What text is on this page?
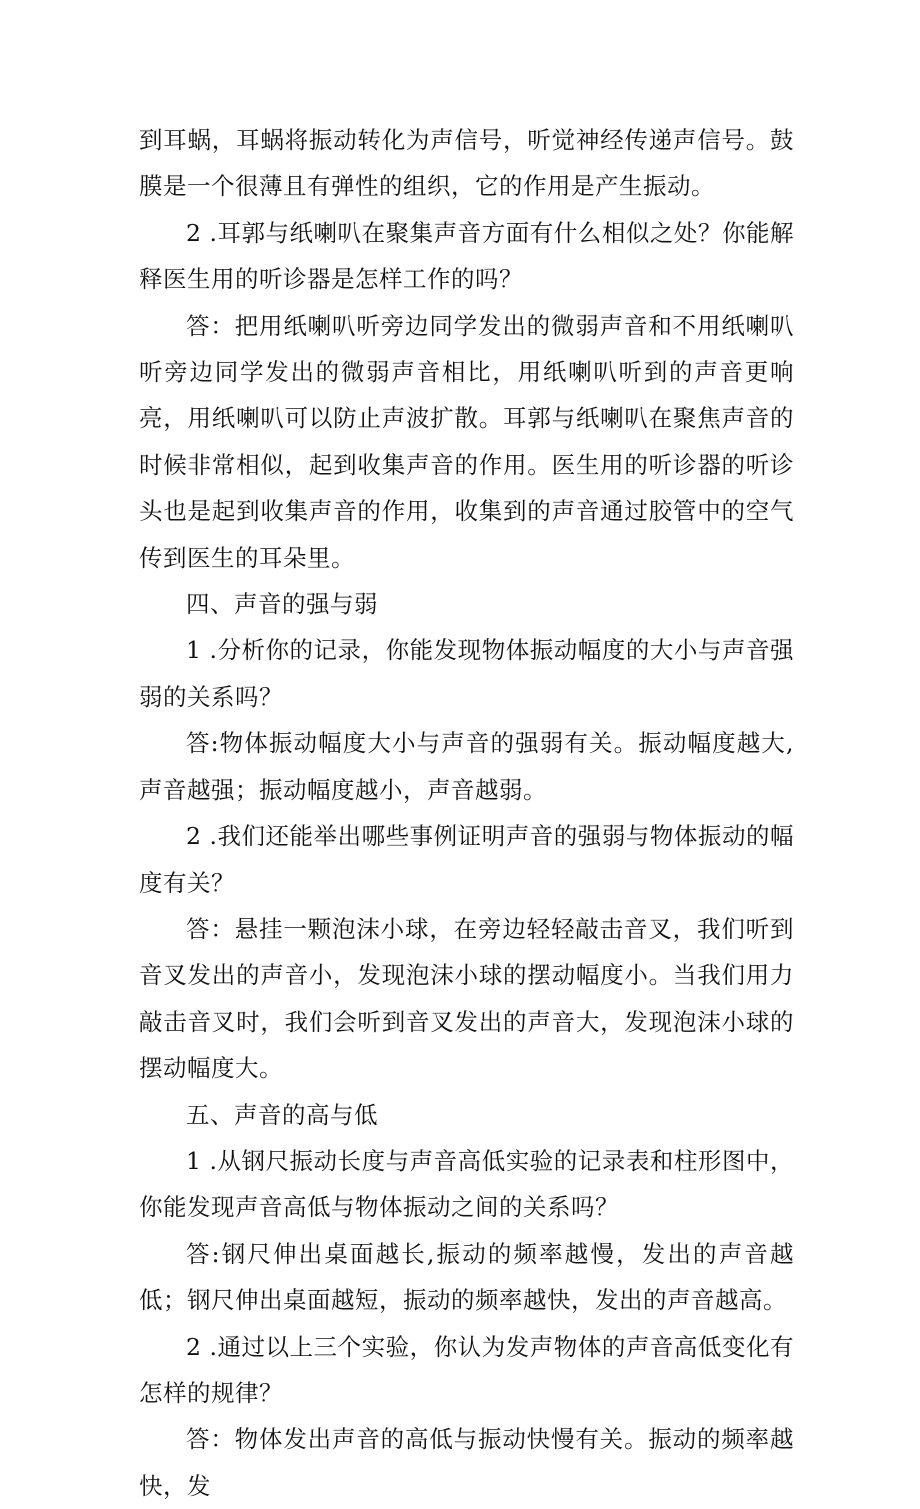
到耳蜗，耳蜗将振动转化为声信号，听觉神经传递声信号。鼓膜是一个很薄且有弹性的组织，它的作用是产生振动。

2 .耳郭与纸喇叭在聚集声音方面有什么相似之处？你能解释医生用的听诊器是怎样工作的吗？

答：把用纸喇叭听旁边同学发出的微弱声音和不用纸喇叭听旁边同学发出的微弱声音相比，用纸喇叭听到的声音更响亮，用纸喇叭可以防止声波扩散。耳郭与纸喇叭在聚焦声音的时候非常相似，起到收集声音的作用。医生用的听诊器的听诊头也是起到收集声音的作用，收集到的声音通过胶管中的空气传到医生的耳朵里。

四、声音的强与弱

1 .分析你的记录，你能发现物体振动幅度的大小与声音强弱的关系吗？

答:物体振动幅度大小与声音的强弱有关。振动幅度越大,声音越强；振动幅度越小，声音越弱。

2 .我们还能举出哪些事例证明声音的强弱与物体振动的幅度有关？

答：悬挂一颗泡沫小球，在旁边轻轻敲击音叉，我们听到音叉发出的声音小，发现泡沫小球的摆动幅度小。当我们用力敲击音叉时，我们会听到音叉发出的声音大，发现泡沫小球的摆动幅度大。

五、声音的高与低

1 .从钢尺振动长度与声音高低实验的记录表和柱形图中，你能发现声音高低与物体振动之间的关系吗？

答:钢尺伸出桌面越长,振动的频率越慢，发出的声音越低；钢尺伸出桌面越短，振动的频率越快，发出的声音越高。

2 .通过以上三个实验，你认为发声物体的声音高低变化有怎样的规律？

答：物体发出声音的高低与振动快慢有关。振动的频率越快，发
